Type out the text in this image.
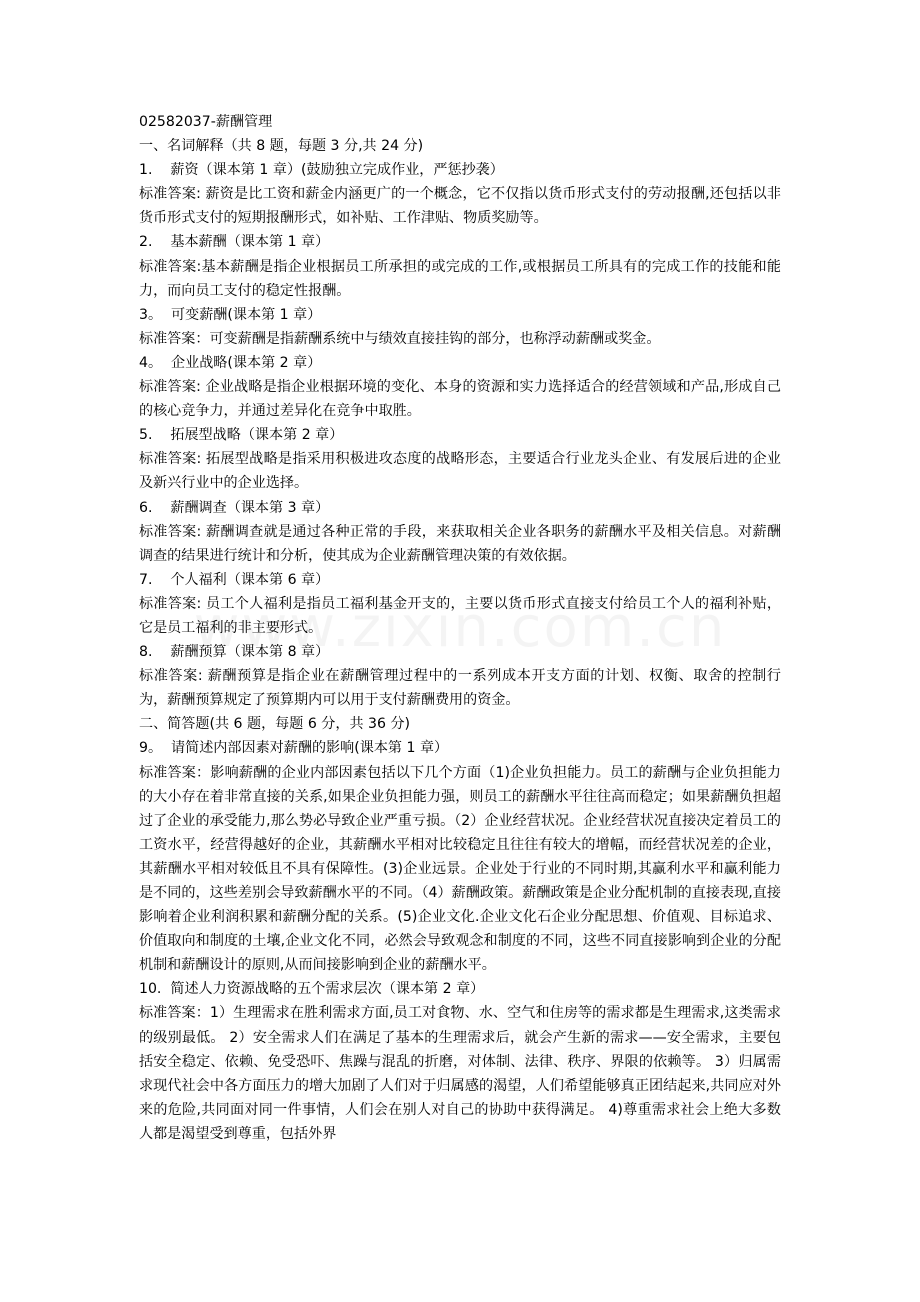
02582037-薪酬管理
一、名词解释（共 8 题，每题 3 分,共 24 分)
1.    薪资（课本第 1 章）(鼓励独立完成作业，严惩抄袭）
标准答案: 薪资是比工资和薪金内涵更广的一个概念，它不仅指以货币形式支付的劳动报酬,还包括以非货币形式支付的短期报酬形式，如补贴、工作津贴、物质奖励等。
2.    基本薪酬（课本第 1 章）
标准答案:基本薪酬是指企业根据员工所承担的或完成的工作,或根据员工所具有的完成工作的技能和能力，而向员工支付的稳定性报酬。
3。  可变薪酬(课本第 1 章）
标准答案：可变薪酬是指薪酬系统中与绩效直接挂钩的部分，也称浮动薪酬或奖金。
4。  企业战略(课本第 2 章）
标准答案: 企业战略是指企业根据环境的变化、本身的资源和实力选择适合的经营领域和产品,形成自己的核心竞争力，并通过差异化在竞争中取胜。
5.    拓展型战略（课本第 2 章）
标准答案: 拓展型战略是指采用积极进攻态度的战略形态，主要适合行业龙头企业、有发展后进的企业及新兴行业中的企业选择。
6.    薪酬调查（课本第 3 章）
标准答案: 薪酬调查就是通过各种正常的手段，来获取相关企业各职务的薪酬水平及相关信息。对薪酬调查的结果进行统计和分析，使其成为企业薪酬管理决策的有效依据。
7.    个人福利（课本第 6 章）
标准答案: 员工个人福利是指员工福利基金开支的，主要以货币形式直接支付给员工个人的福利补贴，它是员工福利的非主要形式。
8.    薪酬预算（课本第 8 章）
标准答案: 薪酬预算是指企业在薪酬管理过程中的一系列成本开支方面的计划、权衡、取舍的控制行为，薪酬预算规定了预算期内可以用于支付薪酬费用的资金。
二、简答题(共 6 题，每题 6 分，共 36 分)
9。  请简述内部因素对薪酬的影响(课本第 1 章）
标准答案：影响薪酬的企业内部因素包括以下几个方面（1)企业负担能力。员工的薪酬与企业负担能力的大小存在着非常直接的关系,如果企业负担能力强，则员工的薪酬水平往往高而稳定；如果薪酬负担超过了企业的承受能力,那么势必导致企业严重亏损。（2）企业经营状况。企业经营状况直接决定着员工的工资水平，经营得越好的企业，其薪酬水平相对比较稳定且往往有较大的增幅，而经营状况差的企业，其薪酬水平相对较低且不具有保障性。(3)企业远景。企业处于行业的不同时期,其赢利水平和赢利能力是不同的，这些差别会导致薪酬水平的不同。（4）薪酬政策。薪酬政策是企业分配机制的直接表现,直接影响着企业利润积累和薪酬分配的关系。(5)企业文化.企业文化石企业分配思想、价值观、目标追求、价值取向和制度的土壤,企业文化不同，必然会导致观念和制度的不同，这些不同直接影响到企业的分配机制和薪酬设计的原则,从而间接影响到企业的薪酬水平。
10.  简述人力资源战略的五个需求层次（课本第 2 章）
标准答案：1）生理需求在胜利需求方面,员工对食物、水、空气和住房等的需求都是生理需求,这类需求的级别最低。 2）安全需求人们在满足了基本的生理需求后，就会产生新的需求——安全需求，主要包括安全稳定、依赖、免受恐吓、焦躁与混乱的折磨，对体制、法律、秩序、界限的依赖等。 3）归属需求现代社会中各方面压力的增大加剧了人们对于归属感的渴望，人们希望能够真正团结起来,共同应对外来的危险,共同面对同一件事情，人们会在别人对自己的协助中获得满足。 4)尊重需求社会上绝大多数人都是渴望受到尊重，包括外界
